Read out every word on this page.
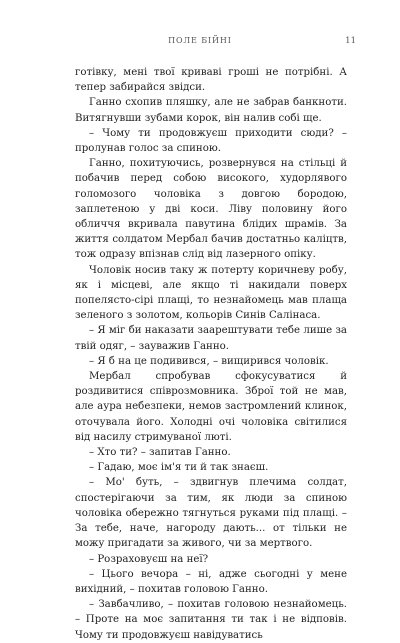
ПОЛЕ БІЙНІ	11

готівку, мені твої криваві гроші не потрібні. А тепер забирайся звідси.

Ганно схопив пляшку, але не забрав банкноти. Витягнувши зубами корок, він налив собі ще.

– Чому ти продовжуєш приходити сюди? – пролунав голос за спиною.

Ганно, похитуючись, розвернувся на стільці й побачив перед собою високого, худорлявого голомозого чоловіка з довгою бородою, заплетеною у дві коси. Ліву половину його обличчя вкривала павутина блідих шрамів. За життя солдатом Мербал бачив достатньо каліцтв, тож одразу впізнав слід від лазерного опіку.

Чоловік носив таку ж потерту коричневу робу, як і місцеві, але якщо ті накидали поверх попелясто-сірі плащі, то незнайомець мав плаща зеленого з золотом, кольорів Синів Салінаса.

– Я міг би наказати заарештувати тебе лише за твій одяг, – зауважив Ганно.

– Я б на це подивився, – вищирився чоловік.

Мербал спробував сфокусуватися й роздивитися співрозмовника. Зброї той не мав, але аура небезпеки, немов застромлений клинок, оточувала його. Холодні очі чоловіка світилися від насилу стримуваної люті.

– Хто ти? – запитав Ганно.

– Гадаю, моє ім'я ти й так знаєш.

– Мо' буть, – здвигнув плечима солдат, спостерігаючи за тим, як люди за спиною чоловіка обережно тягнуться руками під плащі. – За тебе, наче, нагороду дають... от тільки не можу пригадати за живого, чи за мертвого.

– Розраховуєш на неї?

– Цього вечора – ні, адже сьогодні у мене вихідний, – похитав головою Ганно.

– Завбачливо, – похитав головою незнайомець. – Проте на моє запитання ти так і не відповів. Чому ти продовжуєш навідуватись
